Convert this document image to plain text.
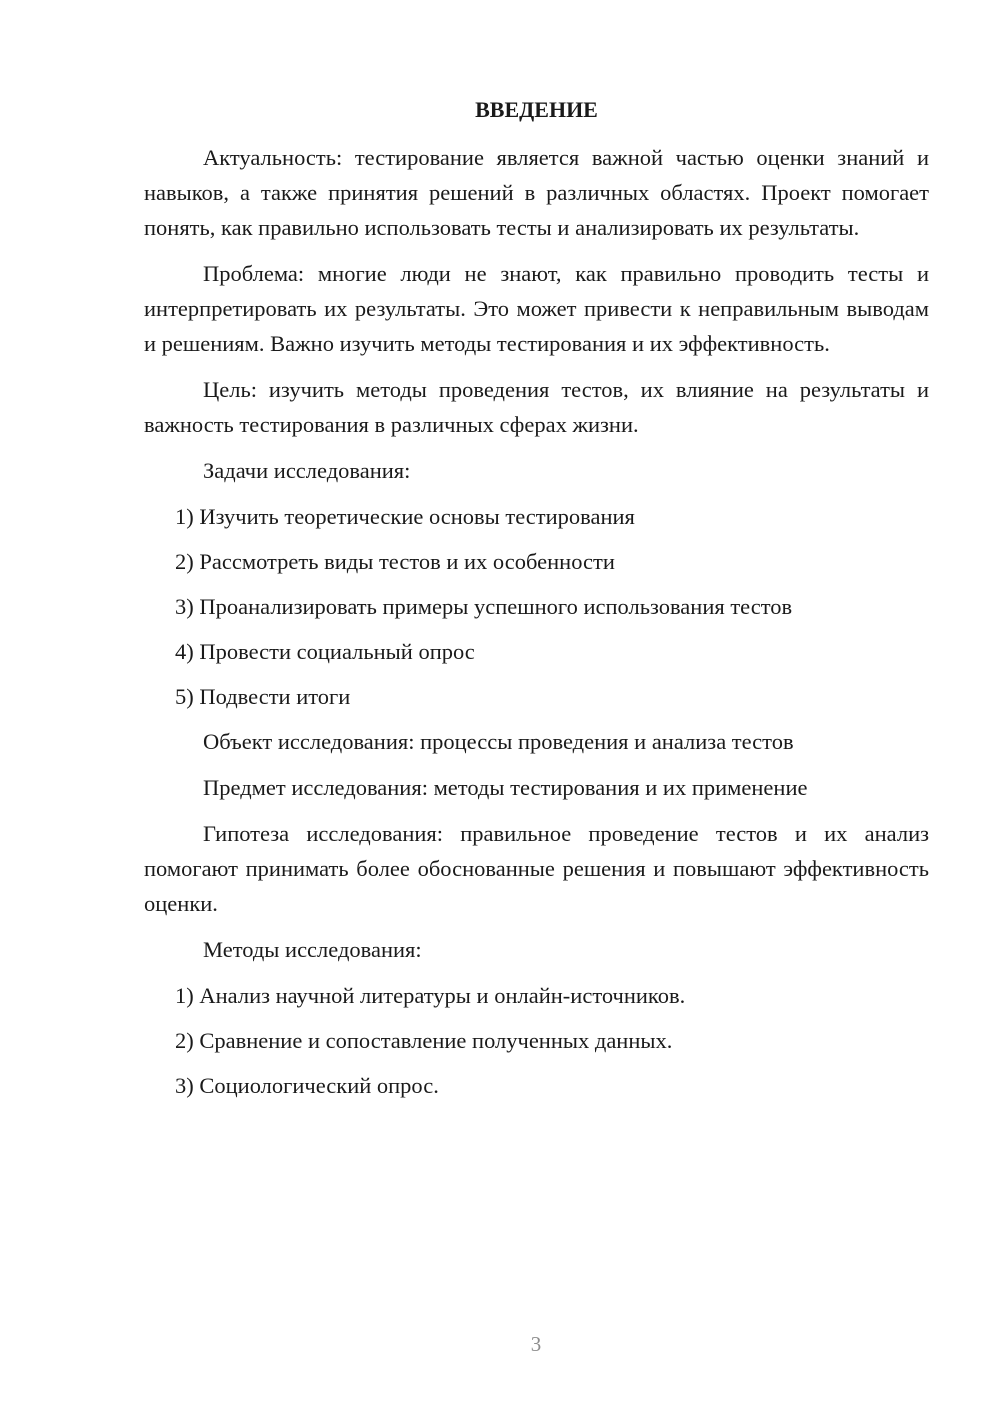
ВВЕДЕНИЕ

Актуальность: тестирование является важной частью оценки знаний и навыков, а также принятия решений в различных областях. Проект помогает понять, как правильно использовать тесты и анализировать их результаты.

Проблема: многие люди не знают, как правильно проводить тесты и интерпретировать их результаты. Это может привести к неправильным выводам и решениям. Важно изучить методы тестирования и их эффективность.

Цель: изучить методы проведения тестов, их влияние на результаты и важность тестирования в различных сферах жизни.

Задачи исследования:

1) Изучить теоретические основы тестирования
2) Рассмотреть виды тестов и их особенности
3) Проанализировать примеры успешного использования тестов
4) Провести социальный опрос
5) Подвести итоги

Объект исследования: процессы проведения и анализа тестов

Предмет исследования: методы тестирования и их применение

Гипотеза исследования: правильное проведение тестов и их анализ помогают принимать более обоснованные решения и повышают эффективность оценки.

Методы исследования:

1) Анализ научной литературы и онлайн-источников.
2) Сравнение и сопоставление полученных данных.
3) Социологический опрос.
3
